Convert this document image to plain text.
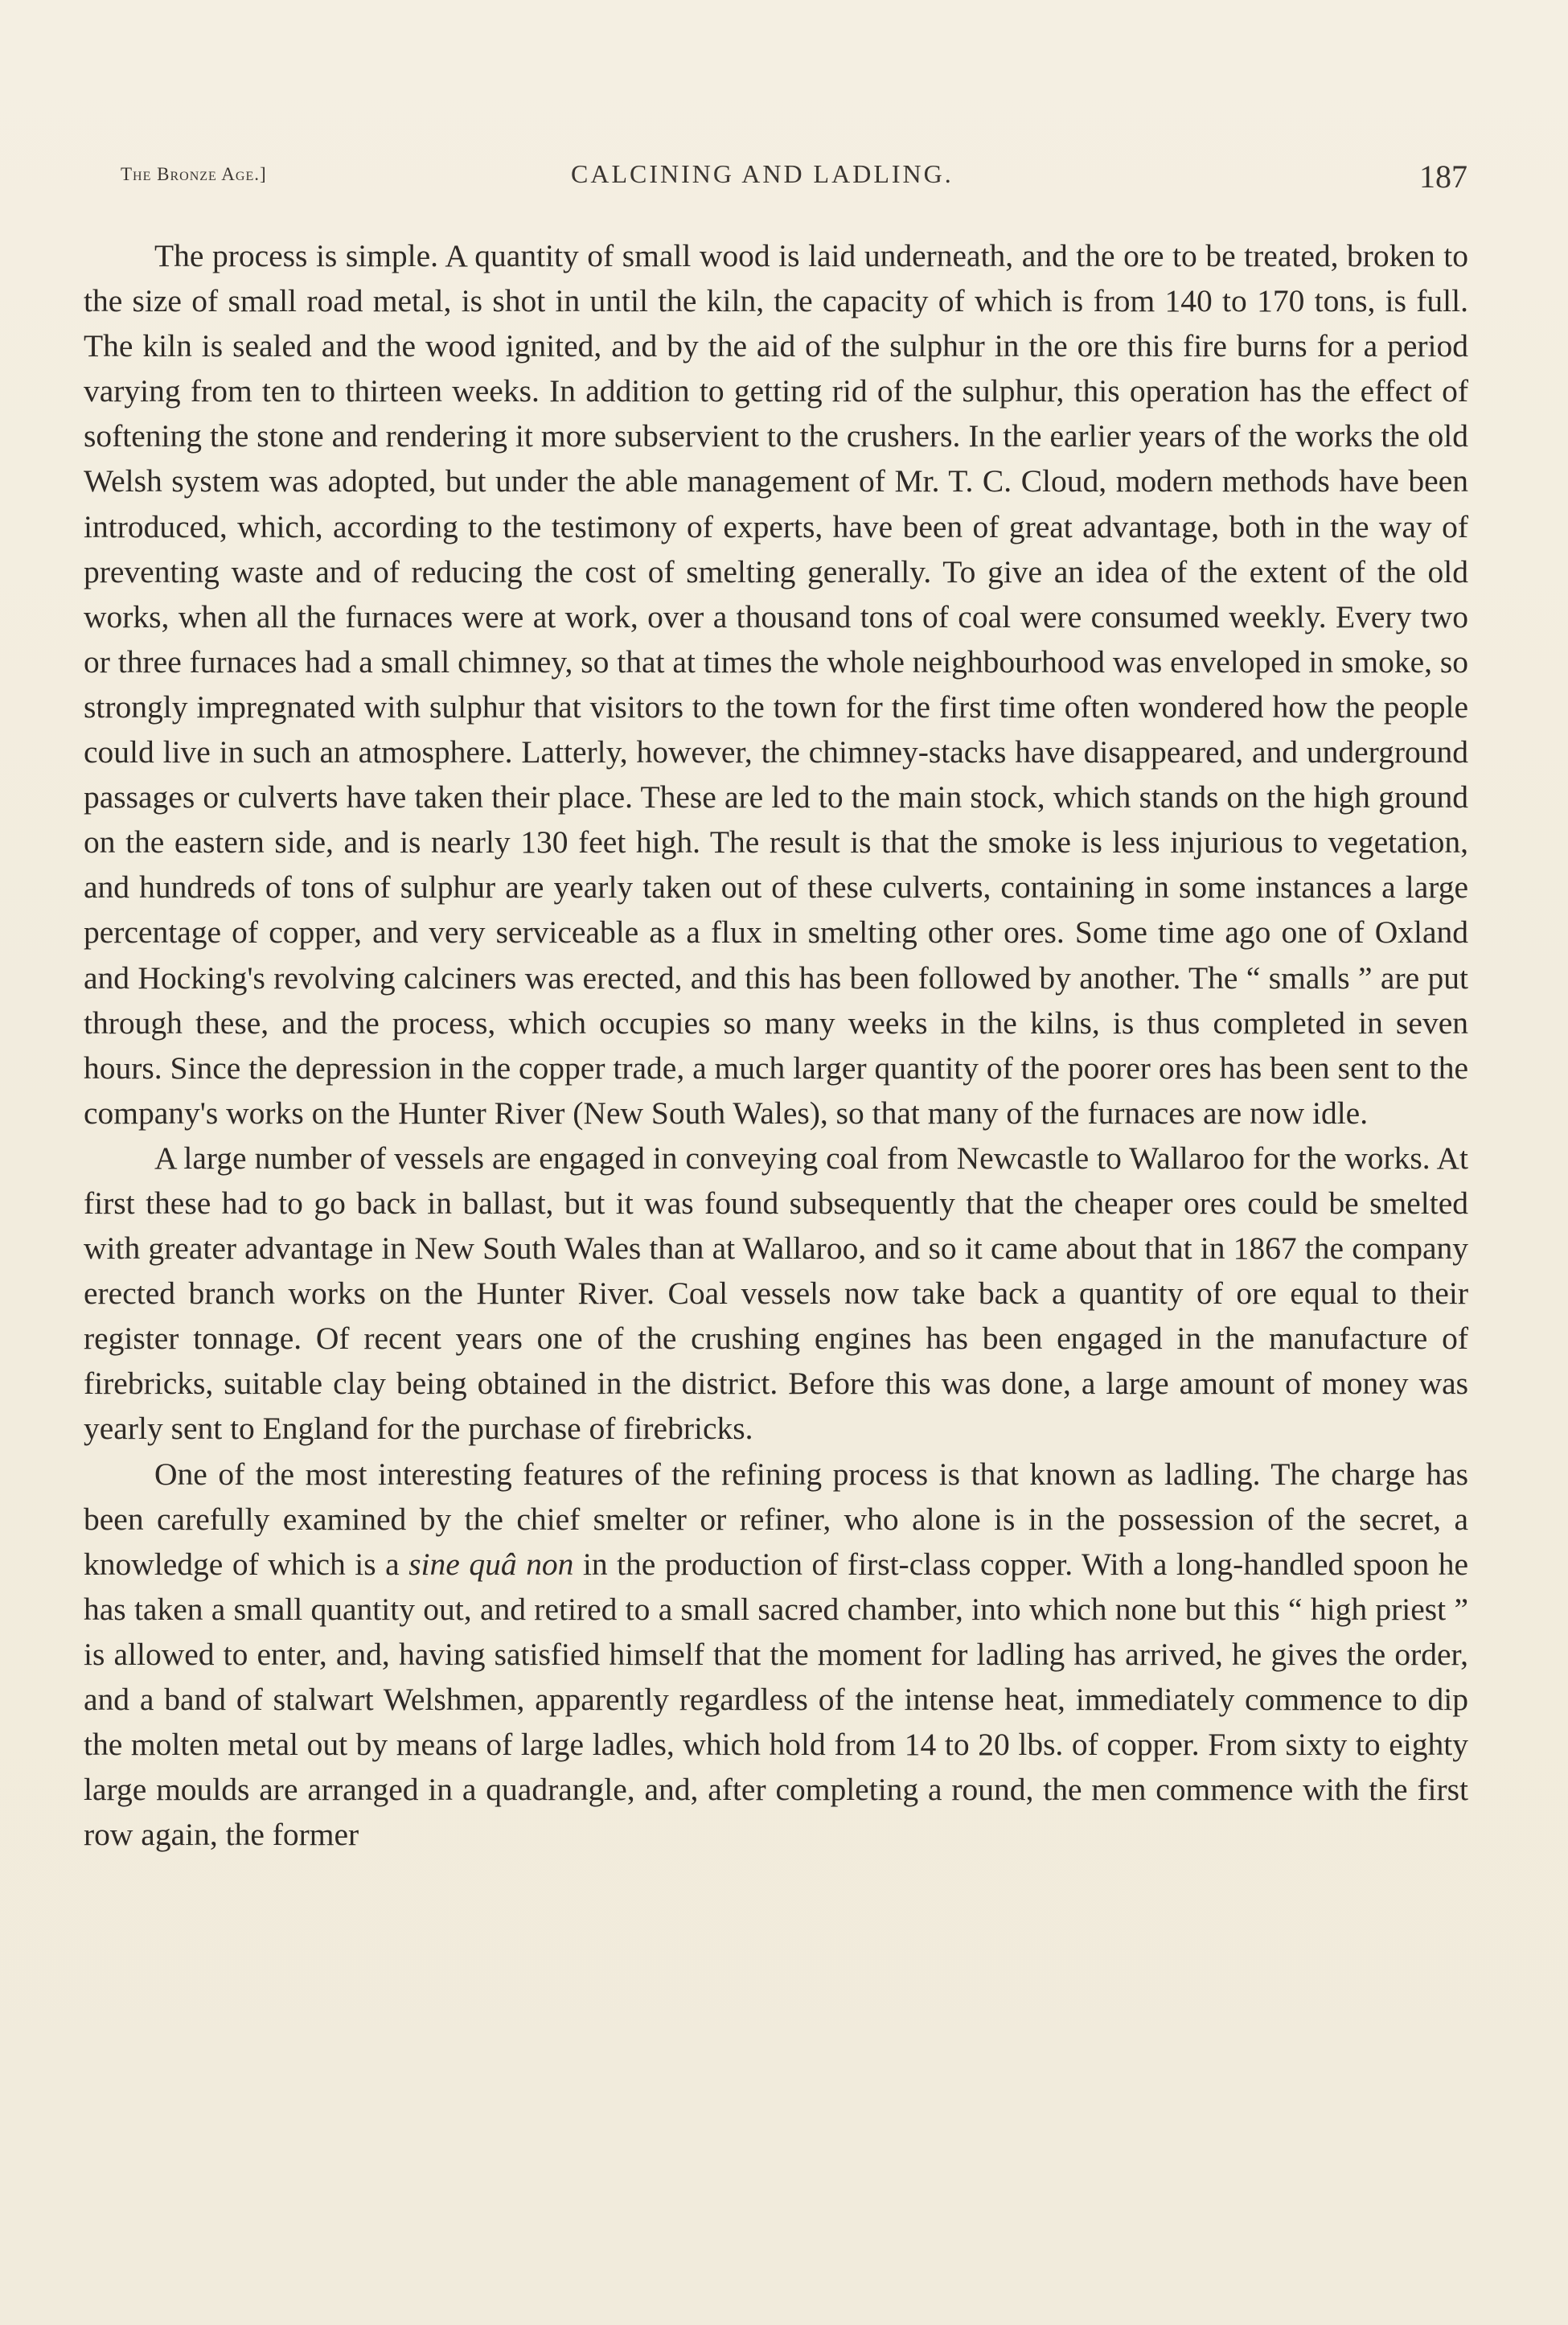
The Bronze Age.]	CALCINING AND LADLING.	187

The process is simple. A quantity of small wood is laid underneath, and the ore to be treated, broken to the size of small road metal, is shot in until the kiln, the capacity of which is from 140 to 170 tons, is full. The kiln is sealed and the wood ignited, and by the aid of the sulphur in the ore this fire burns for a period varying from ten to thirteen weeks. In addition to getting rid of the sulphur, this operation has the effect of softening the stone and rendering it more subservient to the crushers. In the earlier years of the works the old Welsh system was adopted, but under the able management of Mr. T. C. Cloud, modern methods have been introduced, which, according to the testimony of experts, have been of great advantage, both in the way of preventing waste and of reducing the cost of smelting generally. To give an idea of the extent of the old works, when all the furnaces were at work, over a thousand tons of coal were consumed weekly. Every two or three furnaces had a small chimney, so that at times the whole neighbourhood was enveloped in smoke, so strongly impregnated with sulphur that visitors to the town for the first time often wondered how the people could live in such an atmosphere. Latterly, however, the chimney-stacks have disappeared, and underground passages or culverts have taken their place. These are led to the main stock, which stands on the high ground on the eastern side, and is nearly 130 feet high. The result is that the smoke is less injurious to vegetation, and hundreds of tons of sulphur are yearly taken out of these culverts, containing in some instances a large percentage of copper, and very serviceable as a flux in smelting other ores. Some time ago one of Oxland and Hocking's revolving calciners was erected, and this has been followed by another. The “ smalls ” are put through these, and the process, which occupies so many weeks in the kilns, is thus completed in seven hours. Since the depression in the copper trade, a much larger quantity of the poorer ores has been sent to the company's works on the Hunter River (New South Wales), so that many of the furnaces are now idle.

A large number of vessels are engaged in conveying coal from Newcastle to Wallaroo for the works. At first these had to go back in ballast, but it was found subsequently that the cheaper ores could be smelted with greater advantage in New South Wales than at Wallaroo, and so it came about that in 1867 the company erected branch works on the Hunter River. Coal vessels now take back a quantity of ore equal to their register tonnage. Of recent years one of the crushing engines has been engaged in the manufacture of firebricks, suitable clay being obtained in the district. Before this was done, a large amount of money was yearly sent to England for the purchase of firebricks.

One of the most interesting features of the refining process is that known as ladling. The charge has been carefully examined by the chief smelter or refiner, who alone is in the possession of the secret, a knowledge of which is a sine quâ non in the production of first-class copper. With a long-handled spoon he has taken a small quantity out, and retired to a small sacred chamber, into which none but this “ high priest ” is allowed to enter, and, having satisfied himself that the moment for ladling has arrived, he gives the order, and a band of stalwart Welshmen, apparently regardless of the intense heat, immediately commence to dip the molten metal out by means of large ladles, which hold from 14 to 20 lbs. of copper. From sixty to eighty large moulds are arranged in a quadrangle, and, after completing a round, the men commence with the first row again, the former
